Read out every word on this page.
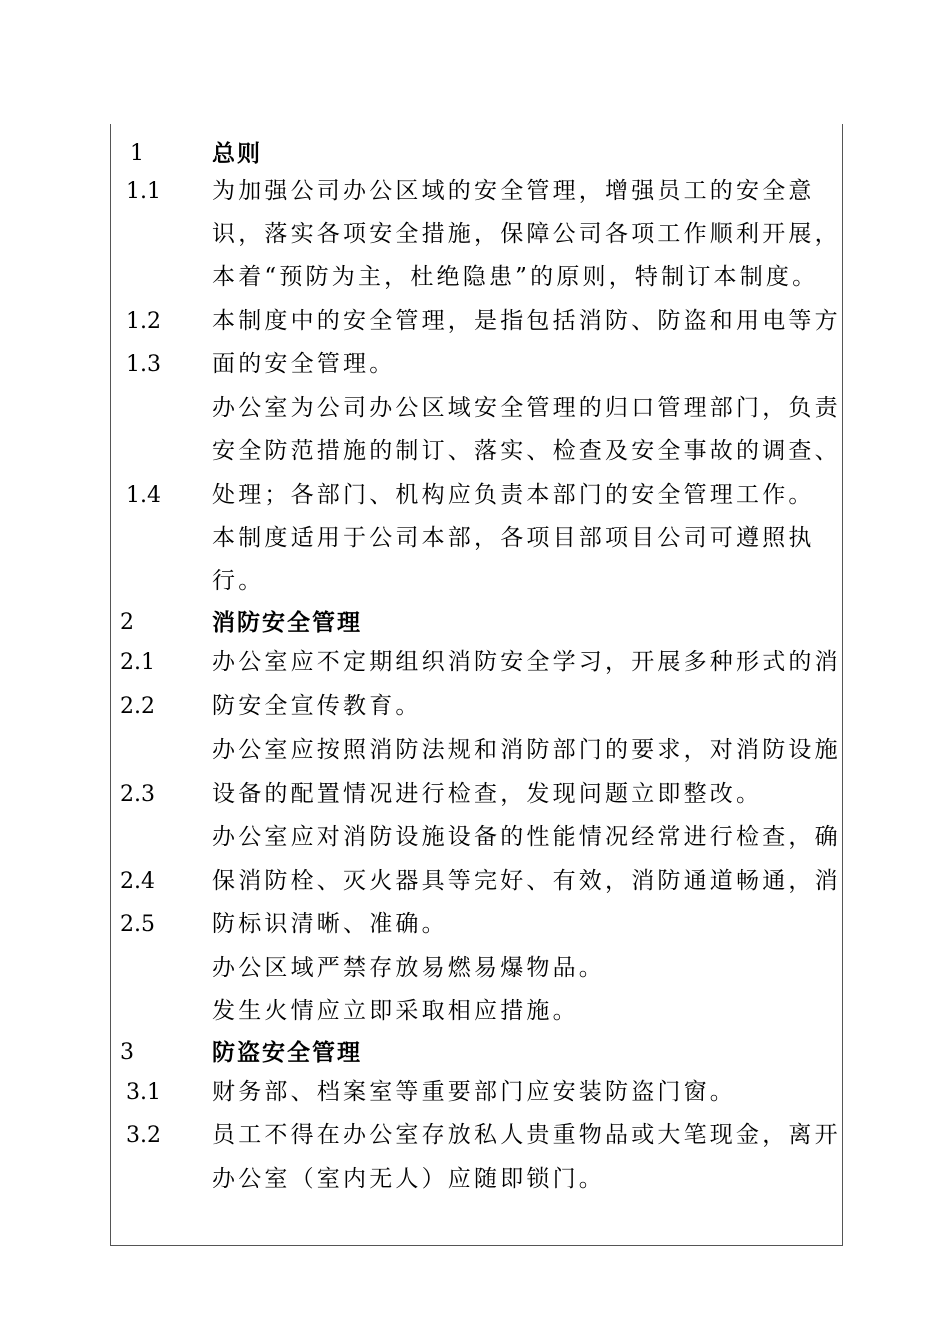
1
1.1
1.2
1.3
1.4
2
2.1
2.2
2.3
2.4
2.5
3
3.1
3.2
总则
为加强公司办公区域的安全管理，增强员工的安全意
识，落实各项安全措施，保障公司各项工作顺利开展，
本着“预防为主，杜绝隐患”的原则，特制订本制度。
本制度中的安全管理，是指包括消防、防盗和用电等方
面的安全管理。
办公室为公司办公区域安全管理的归口管理部门，负责
安全防范措施的制订、落实、检查及安全事故的调查、
处理；各部门、机构应负责本部门的安全管理工作。
本制度适用于公司本部，各项目部项目公司可遵照执
行。
消防安全管理
办公室应不定期组织消防安全学习，开展多种形式的消
防安全宣传教育。
办公室应按照消防法规和消防部门的要求，对消防设施
设备的配置情况进行检查，发现问题立即整改。
办公室应对消防设施设备的性能情况经常进行检查，确
保消防栓、灭火器具等完好、有效，消防通道畅通，消
防标识清晰、准确。
办公区域严禁存放易燃易爆物品。
发生火情应立即采取相应措施。
防盗安全管理
财务部、档案室等重要部门应安装防盗门窗。
员工不得在办公室存放私人贵重物品或大笔现金，离开
办公室（室内无人）应随即锁门。
